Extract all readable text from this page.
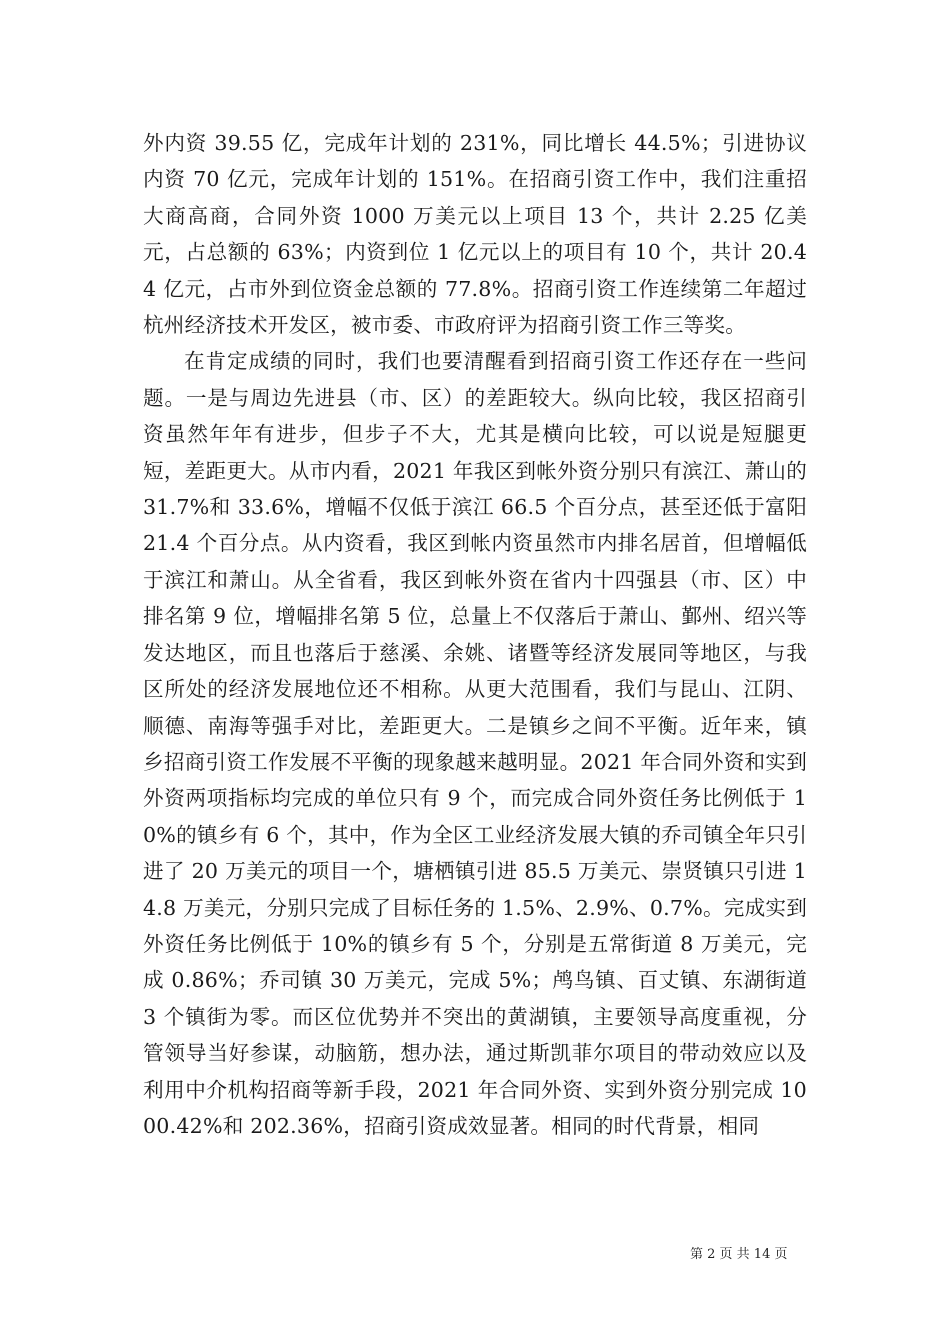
外内资 39.55 亿，完成年计划的 231%，同比增长 44.5%；引进协议内资 70 亿元，完成年计划的 151%。在招商引资工作中，我们注重招大商高商，合同外资 1000 万美元以上项目 13 个，共计 2.25 亿美元，占总额的 63%；内资到位 1 亿元以上的项目有 10 个，共计 20.44 亿元，占市外到位资金总额的 77.8%。招商引资工作连续第二年超过杭州经济技术开发区，被市委、市政府评为招商引资工作三等奖。

在肯定成绩的同时，我们也要清醒看到招商引资工作还存在一些问题。一是与周边先进县（市、区）的差距较大。纵向比较，我区招商引资虽然年年有进步，但步子不大，尤其是横向比较，可以说是短腿更短，差距更大。从市内看，2021 年我区到帐外资分别只有滨江、萧山的 31.7%和 33.6%，增幅不仅低于滨江 66.5 个百分点，甚至还低于富阳 21.4 个百分点。从内资看，我区到帐内资虽然市内排名居首，但增幅低于滨江和萧山。从全省看，我区到帐外资在省内十四强县（市、区）中排名第 9 位，增幅排名第 5 位，总量上不仅落后于萧山、鄞州、绍兴等发达地区，而且也落后于慈溪、余姚、诸暨等经济发展同等地区，与我区所处的经济发展地位还不相称。从更大范围看，我们与昆山、江阴、顺德、南海等强手对比，差距更大。二是镇乡之间不平衡。近年来，镇乡招商引资工作发展不平衡的现象越来越明显。2021 年合同外资和实到外资两项指标均完成的单位只有 9 个，而完成合同外资任务比例低于 10%的镇乡有 6 个，其中，作为全区工业经济发展大镇的乔司镇全年只引进了 20 万美元的项目一个，塘栖镇引进 85.5 万美元、崇贤镇只引进 14.8 万美元，分别只完成了目标任务的 1.5%、2.9%、0.7%。完成实到外资任务比例低于 10%的镇乡有 5 个，分别是五常街道 8 万美元，完成 0.86%；乔司镇 30 万美元，完成 5%；鸬鸟镇、百丈镇、东湖街道 3 个镇街为零。而区位优势并不突出的黄湖镇，主要领导高度重视，分管领导当好参谋，动脑筋，想办法，通过斯凯菲尔项目的带动效应以及利用中介机构招商等新手段，2021 年合同外资、实到外资分别完成 1000.42%和 202.36%，招商引资成效显著。相同的时代背景，相同

第 2 页 共 14 页
